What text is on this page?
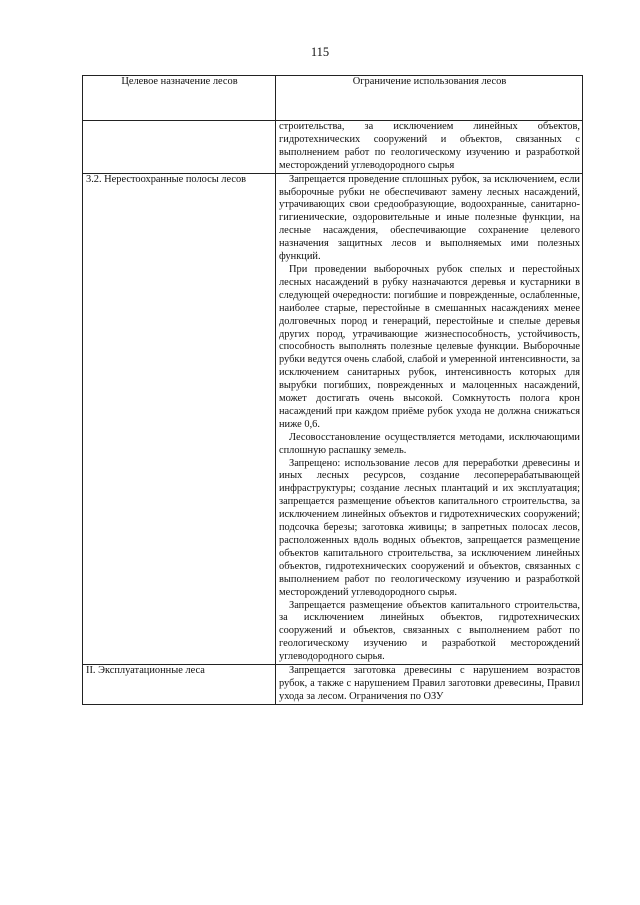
115
Целевое назначение лесов	Ограничение использования лесов

	строительства, за исключением линейных объектов, гидротехнических сооружений и объектов, связанных с выполнением работ по геологическому изучению и разработкой месторождений углеводородного сырья

3.2. Нерестоохранные полосы лесов	Запрещается проведение сплошных рубок, за исключением, если выборочные рубки не обеспечивают замену лесных насаждений, утрачивающих свои средообразующие, водоохранные, санитарно-гигиенические, оздоровительные и иные полезные функции, на лесные насаждения, обеспечивающие сохранение целевого назначения защитных лесов и выполняемых ими полезных функций.

При проведении выборочных рубок спелых и перестойных лесных насаждений в рубку назначаются деревья и кустарники в следующей очередности: погибшие и поврежденные, ослабленные, наиболее старые, перестойные в смешанных насаждениях менее долговечных пород и генераций, перестойные и спелые деревья других пород, утрачивающие жизнеспособность, устойчивость, способность выполнять полезные целевые функции. Выборочные рубки ведутся очень слабой, слабой и умеренной интенсивности, за исключением санитарных рубок, интенсивность которых для вырубки погибших, поврежденных и малоценных насаждений, может достигать очень высокой. Сомкнутость полога крон насаждений при каждом приёме рубок ухода не должна снижаться ниже 0,6.

Лесовосстановление осуществляется методами, исключающими сплошную распашку земель.

Запрещено: использование лесов для переработки древесины и иных лесных ресурсов, создание лесоперерабатывающей инфраструктуры; создание лесных плантаций и их эксплуатация; запрещается размещение объектов капитального строительства, за исключением линейных объектов и гидротехнических сооружений; подсочка березы; заготовка живицы; в запретных полосах лесов, расположенных вдоль водных объектов, запрещается размещение объектов капитального строительства, за исключением линейных объектов, гидротехнических сооружений и объектов, связанных с выполнением работ по геологическому изучению и разработкой месторождений углеводородного сырья.

Запрещается размещение объектов капитального строительства, за исключением линейных объектов, гидротехнических сооружений и объектов, связанных с выполнением работ по геологическому изучению и разработкой месторождений углеводородного сырья.

II. Эксплуатационные леса	Запрещается заготовка древесины с нарушением возрастов рубок, а также с нарушением Правил заготовки древесины, Правил ухода за лесом. Ограничения по ОЗУ
